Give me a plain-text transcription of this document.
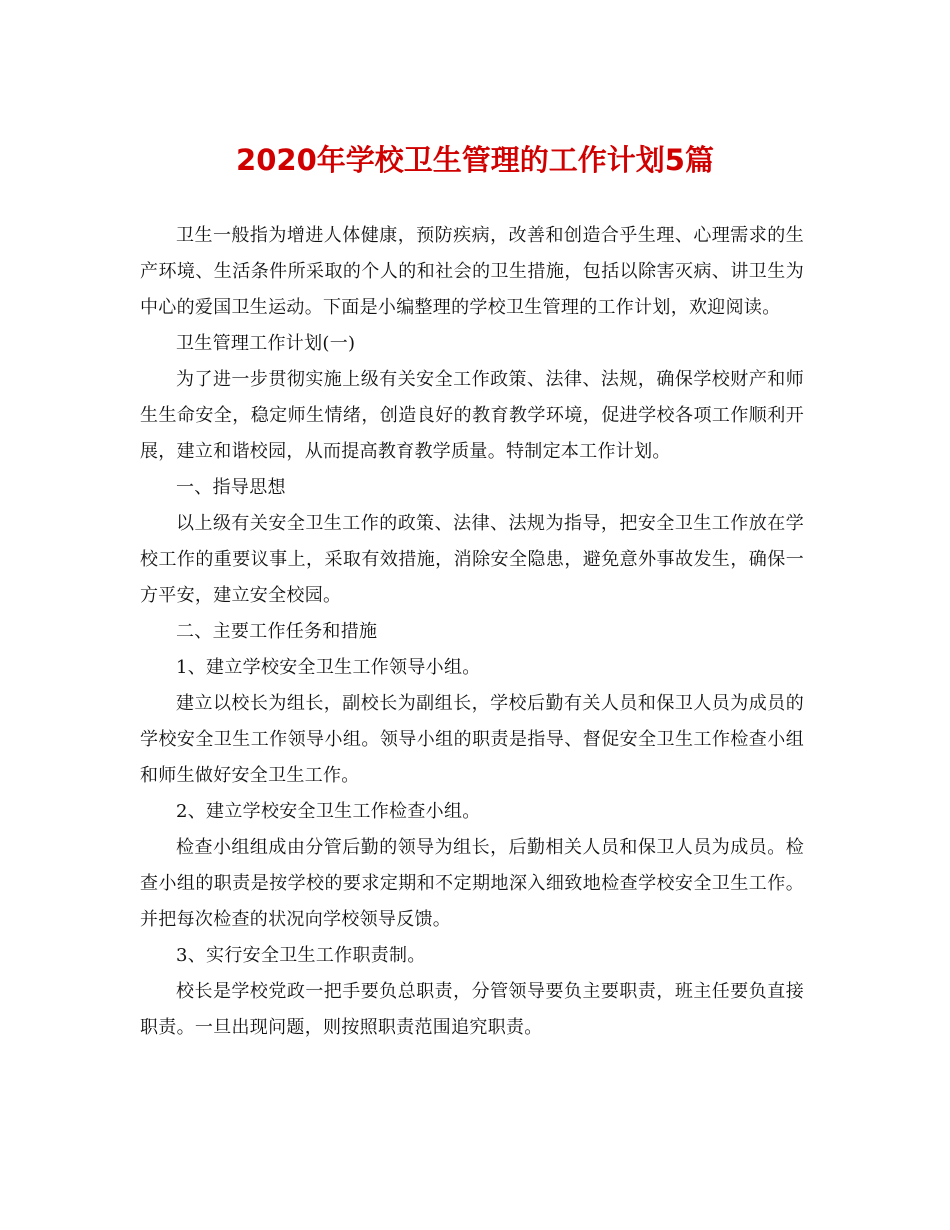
2020年学校卫生管理的工作计划5篇

卫生一般指为增进人体健康，预防疾病，改善和创造合乎生理、心理需求的生产环境、生活条件所采取的个人的和社会的卫生措施，包括以除害灭病、讲卫生为中心的爱国卫生运动。下面是小编整理的学校卫生管理的工作计划，欢迎阅读。

卫生管理工作计划(一)

为了进一步贯彻实施上级有关安全工作政策、法律、法规，确保学校财产和师生生命安全，稳定师生情绪，创造良好的教育教学环境，促进学校各项工作顺利开展，建立和谐校园，从而提高教育教学质量。特制定本工作计划。

一、指导思想

以上级有关安全卫生工作的政策、法律、法规为指导，把安全卫生工作放在学校工作的重要议事上，采取有效措施，消除安全隐患，避免意外事故发生，确保一方平安，建立安全校园。

二、主要工作任务和措施

1、建立学校安全卫生工作领导小组。

建立以校长为组长，副校长为副组长，学校后勤有关人员和保卫人员为成员的学校安全卫生工作领导小组。领导小组的职责是指导、督促安全卫生工作检查小组和师生做好安全卫生工作。

2、建立学校安全卫生工作检查小组。

检查小组组成由分管后勤的领导为组长，后勤相关人员和保卫人员为成员。检查小组的职责是按学校的要求定期和不定期地深入细致地检查学校安全卫生工作。并把每次检查的状况向学校领导反馈。

3、实行安全卫生工作职责制。

校长是学校党政一把手要负总职责，分管领导要负主要职责，班主任要负直接职责。一旦出现问题，则按照职责范围追究职责。
